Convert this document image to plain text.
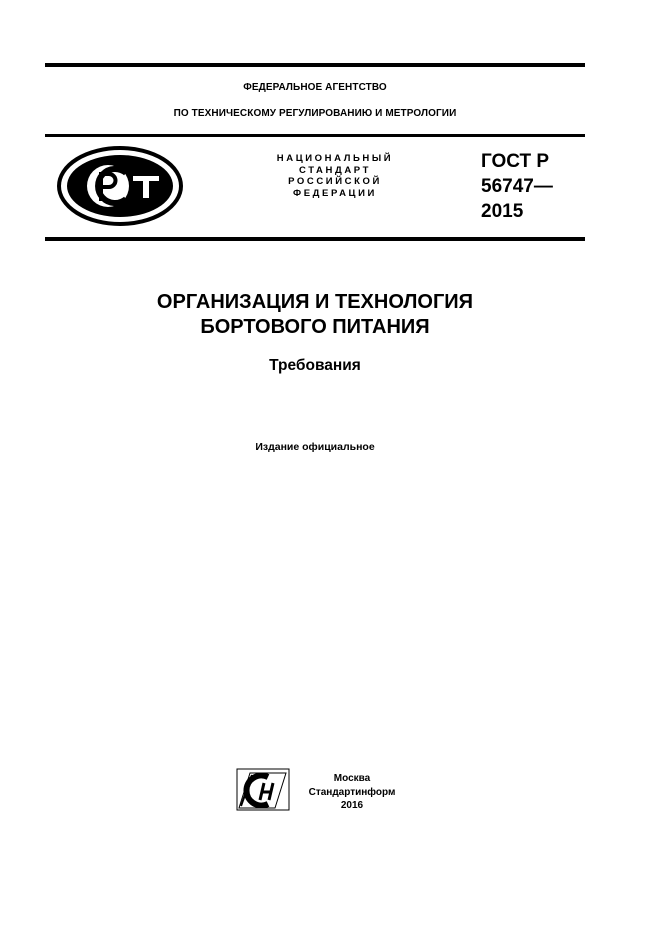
ФЕДЕРАЛЬНОЕ АГЕНТСТВО
ПО ТЕХНИЧЕСКОМУ РЕГУЛИРОВАНИЮ И МЕТРОЛОГИИ
НАЦИОНАЛЬНЫЙ
СТАНДАРТ
РОССИЙСКОЙ
ФЕДЕРАЦИИ
ГОСТ Р
56747—
2015
ОРГАНИЗАЦИЯ И ТЕХНОЛОГИЯ
БОРТОВОГО ПИТАНИЯ
Требования
Издание официальное
Москва
Стандартинформ
2016
